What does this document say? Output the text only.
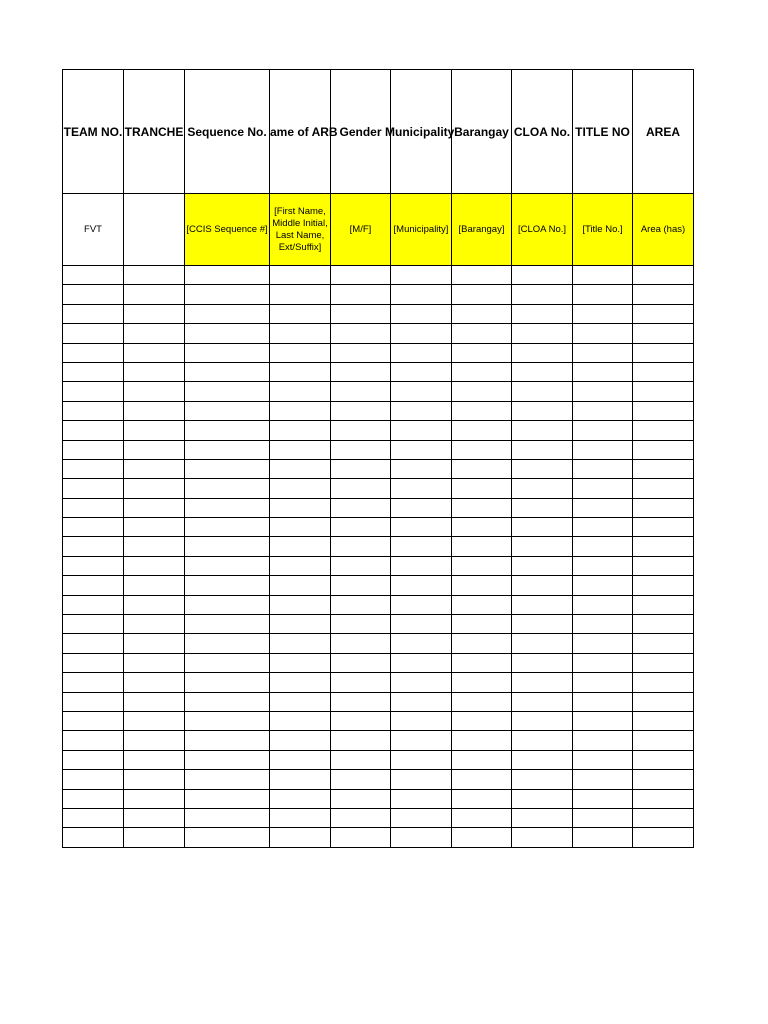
TEAM NO.	TRANCHE	Sequence No.	ame of ARB	Gender	Municipality	Barangay	CLOA No.	TITLE NO	AREA

FVT		[CCIS Sequence #]	[First Name, Middle Initial, Last Name, Ext/Suffix]	[M/F]	[Municipality]	[Barangay]	[CLOA No.]	[Title No.]	Area (has)
